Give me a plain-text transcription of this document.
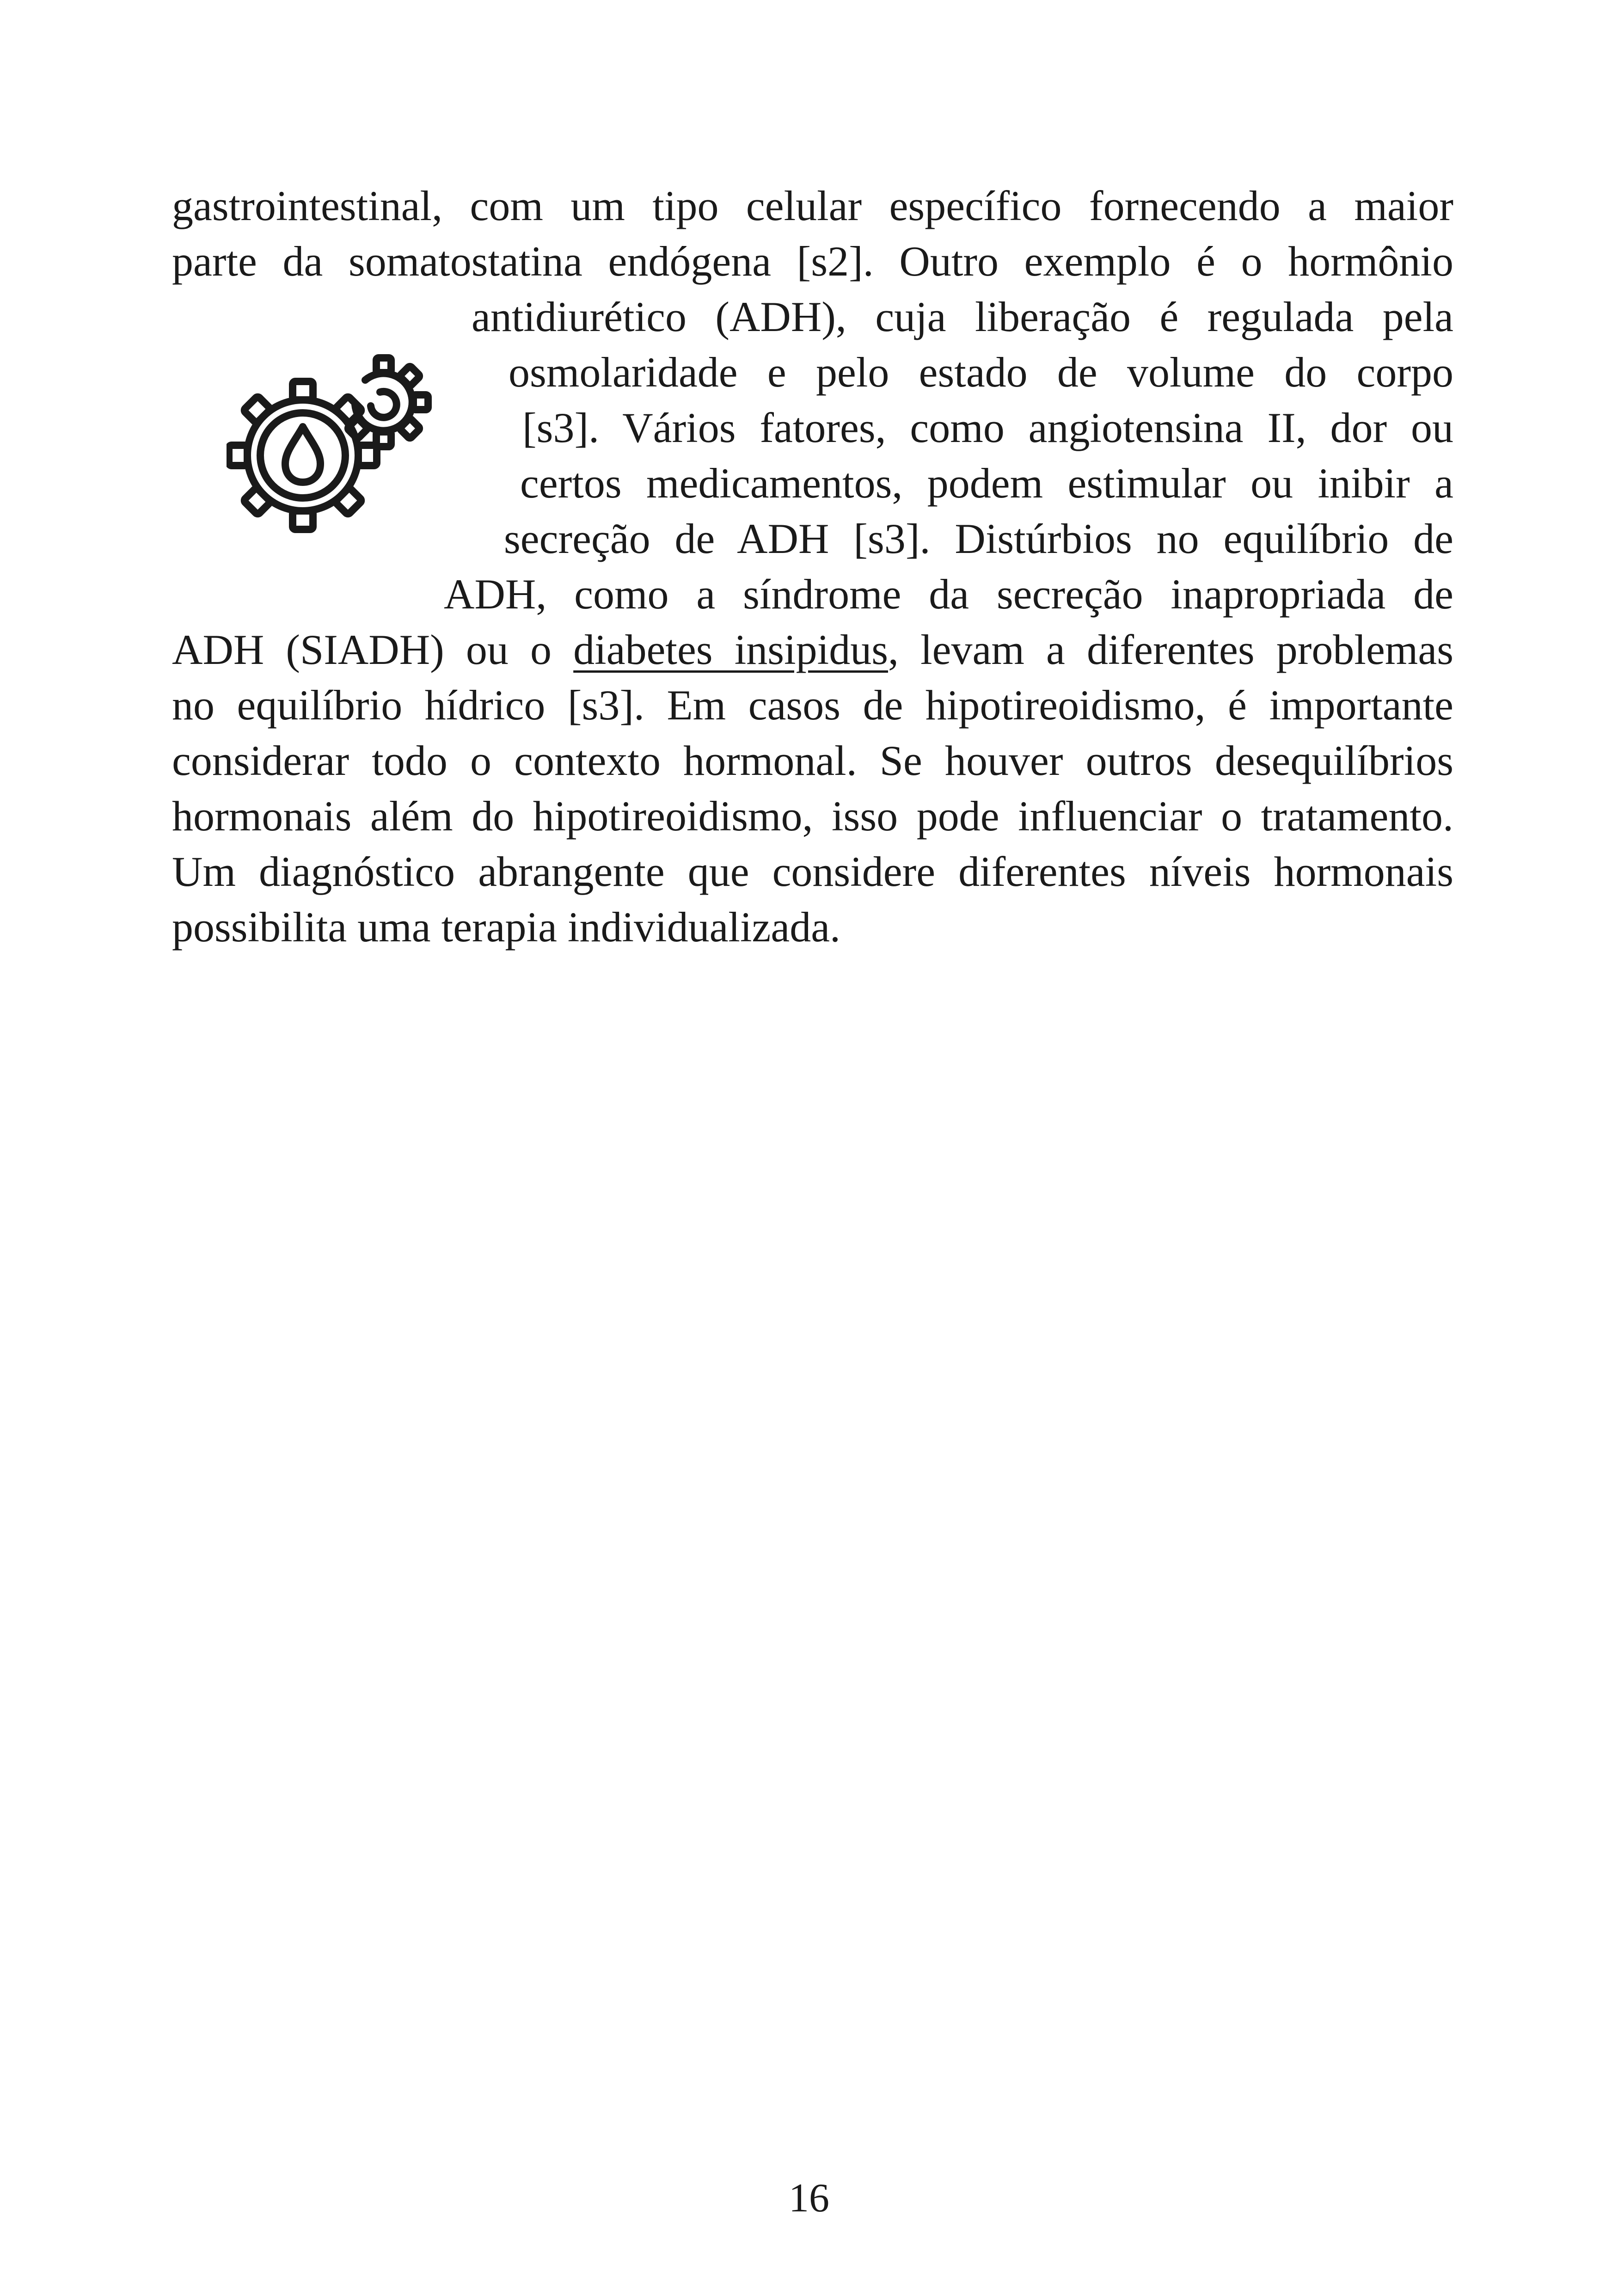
gastrointestinal, com um tipo celular específico fornecendo a maior

parte da somatostatina endógena [s2]. Outro exemplo é o hormônio

antidiurético (ADH), cuja liberação é regulada pela

osmolaridade e pelo estado de volume do corpo

[s3]. Vários fatores, como angiotensina II, dor ou

certos medicamentos, podem estimular ou inibir a

secreção de ADH [s3]. Distúrbios no equilíbrio de

ADH, como a síndrome da secreção inapropriada de

ADH (SIADH) ou o diabetes insipidus, levam a diferentes problemas

no equilíbrio hídrico [s3]. Em casos de hipotireoidismo, é importante

considerar todo o contexto hormonal. Se houver outros desequilíbrios

hormonais além do hipotireoidismo, isso pode influenciar o tratamento.

Um diagnóstico abrangente que considere diferentes níveis hormonais

possibilita uma terapia individualizada.

16
